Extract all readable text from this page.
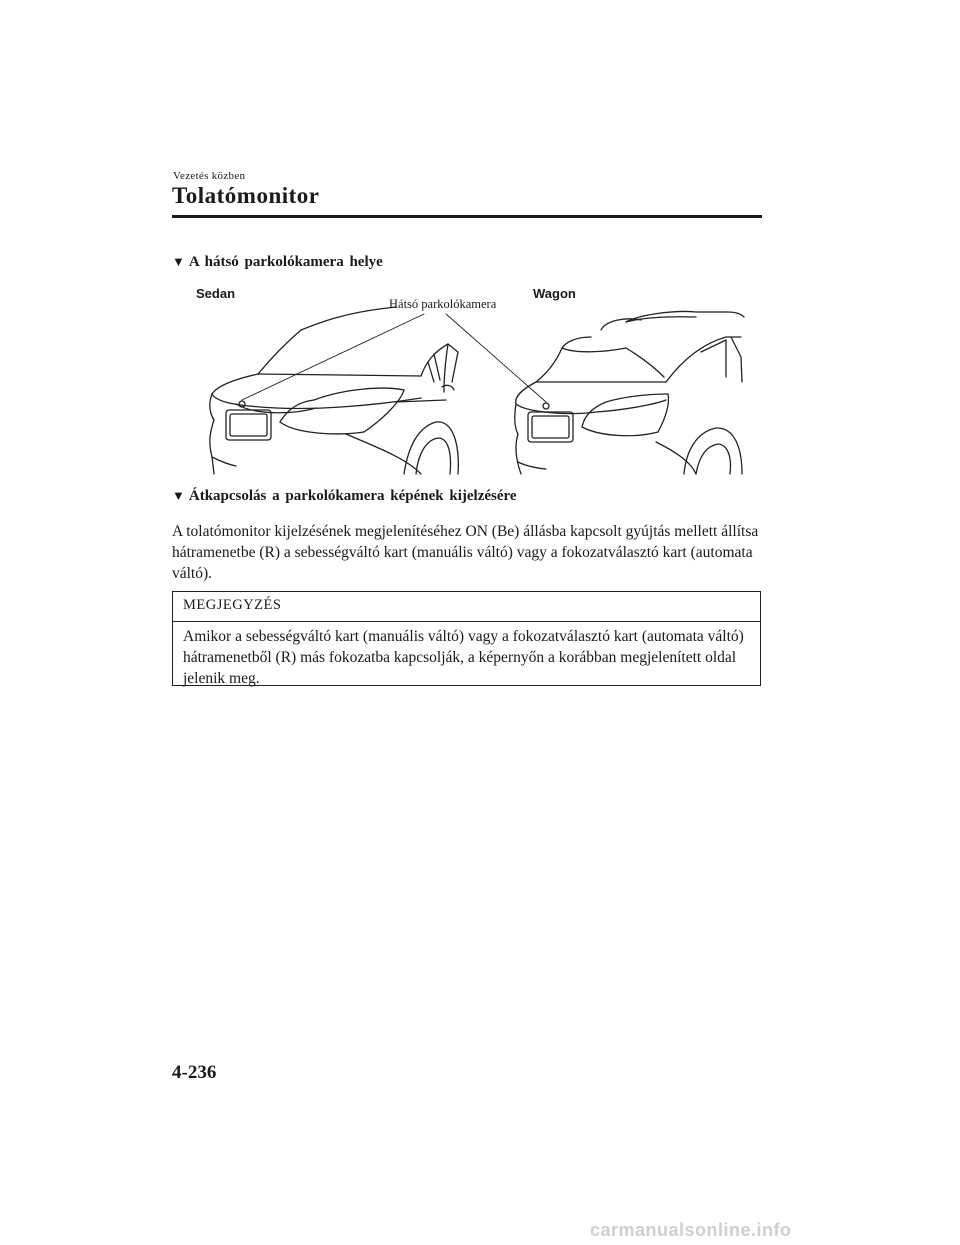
Vezetés közben
Tolatómonitor
▼ A hátsó parkolókamera helye
Sedan	Wagon
Hátsó parkolókamera
▼ Átkapcsolás a parkolókamera képének kijelzésére
A tolatómonitor kijelzésének megjelenítéséhez ON (Be) állásba kapcsolt gyújtás mellett állítsa hátramenetbe (R) a sebességváltó kart (manuális váltó) vagy a fokozatválasztó kart (automata váltó).
MEGJEGYZÉS
Amikor a sebességváltó kart (manuális váltó) vagy a fokozatválasztó kart (automata váltó) hátramenetből (R) más fokozatba kapcsolják, a képernyőn a korábban megjelenített oldal jelenik meg.
4-236
carmanualsonline.info
